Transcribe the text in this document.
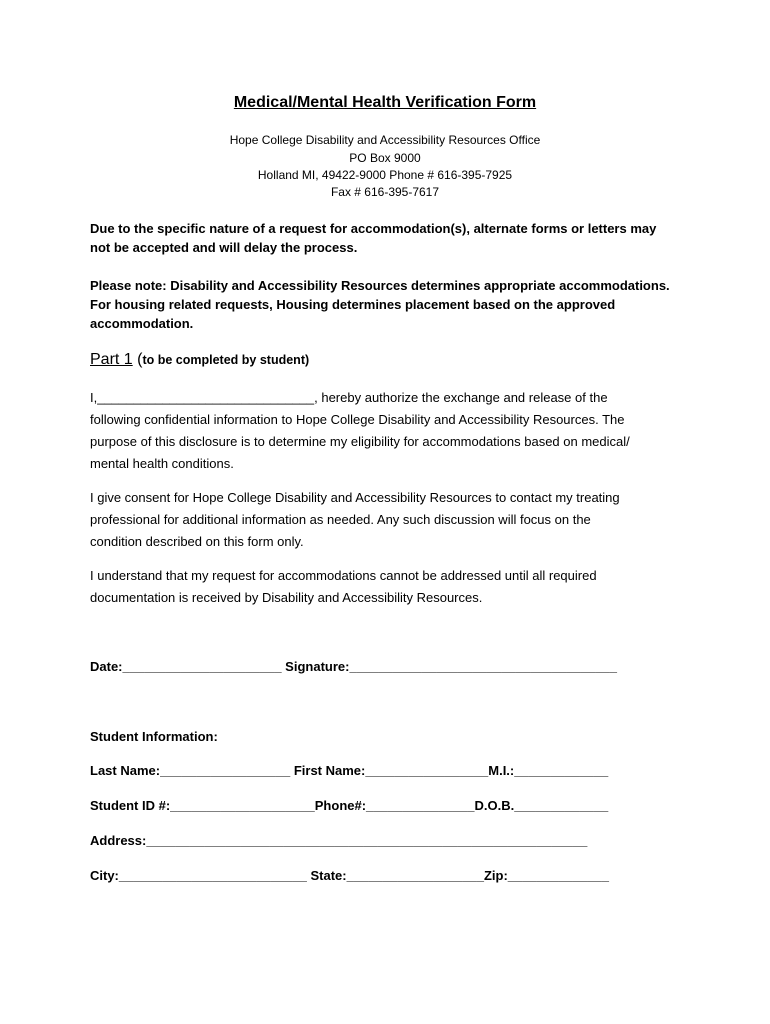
Medical/Mental Health Verification Form
Hope College Disability and Accessibility Resources Office
PO Box 9000
Holland MI, 49422-9000 Phone # 616-395-7925
Fax # 616-395-7617
Due to the specific nature of a request for accommodation(s), alternate forms or letters may
not be accepted and will delay the process.
Please note: Disability and Accessibility Resources determines appropriate accommodations.
For housing related requests, Housing determines placement based on the approved
accommodation.
Part 1 (to be completed by student)
I,______________________________, hereby authorize the exchange and release of the
following confidential information to Hope College Disability and Accessibility Resources. The
purpose of this disclosure is to determine my eligibility for accommodations based on medical/
mental health conditions.
I give consent for Hope College Disability and Accessibility Resources to contact my treating
professional for additional information as needed. Any such discussion will focus on the
condition described on this form only.
I understand that my request for accommodations cannot be addressed until all required
documentation is received by Disability and Accessibility Resources.
Date:______________________ Signature:_____________________________________
Student Information:
Last Name:__________________ First Name:_________________M.I.:_____________
Student ID #:____________________Phone#:_______________D.O.B._____________
Address:_____________________________________________________________
City:__________________________ State:___________________Zip:______________
